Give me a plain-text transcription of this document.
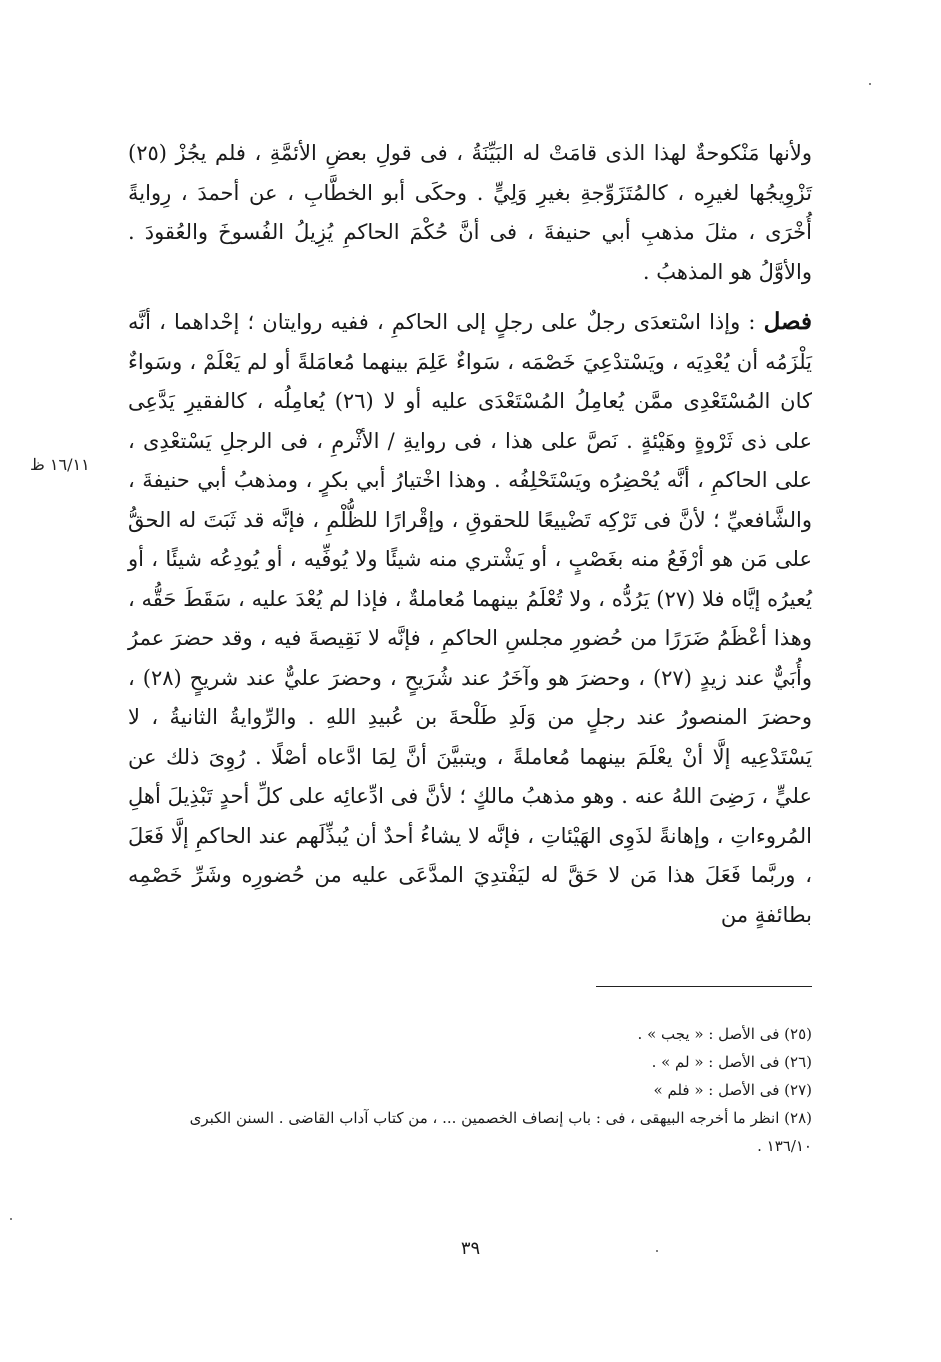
ولأنها مَنْكوحةٌ لهذا الذى قامَتْ له البَيِّنَةُ ، فى قولِ بعضِ الأئمَّةِ ، فلم يجُزْ (٢٥) تَزْوِيجُها لغيرِه ، كالمُتَزَوِّجةِ بغيرِ وَلِيٍّ . وحكَى أبو الخطَّابِ ، عن أحمدَ ، رِوايةً أُخْرَى ، مثلَ مذهبِ أبي حنيفةَ ، فى أنَّ حُكْمَ الحاكمِ يُزِيلُ الفُسوخَ والعُقودَ . والأوَّلُ هو المذهبُ .

فصل : وإذا اسْتعدَى رجلٌ على رجلٍ إلى الحاكمِ ، ففيه روايتان ؛ إحْداهما ، أنَّه يَلْزَمُه أن يُعْدِيَه ، ويَسْتدْعِيَ خَصْمَه ، سَواءٌ عَلِمَ بينهما مُعامَلةً أو لم يَعْلَمْ ، وسَواءٌ كان المُسْتَعْدِى ممَّن يُعامِلُ المُسْتَعْدَى عليه أو لا (٢٦) يُعامِلُه ، كالفقيرِ يَدَّعِى على ذى ثَرْوةٍ وهَيْئةٍ . نَصَّ على هذا ، فى روايةِ / الأثْرمِ ، فى الرجلِ يَسْتعْدِى ، على الحاكمِ ، أنَّه يُحْضِرُه ويَسْتَحْلِفُه . وهذا اخْتيارُ أبي بكرٍ ، ومذهبُ أبي حنيفةَ ، والشَّافعيِّ ؛ لأنَّ فى تَرْكِه تَضْييعًا للحقوقِ ، وإقْرارًا للظُّلْمِ ، فإنَّه قد ثَبَتَ له الحقُّ على مَن هو أرْفَعُ منه بغَصْبٍ ، أو يَشْتري منه شيئًا ولا يُوفِّيه ، أو يُودِعُه شيئًا ، أو يُعيرُه إيَّاه فلا (٢٧) يَرُدُّه ، ولا تُعْلَمُ بينهما مُعاملةٌ ، فإذا لم يُعْدَ عليه ، سَقَطَ حَقُّه ، وهذا أعْظَمُ ضَرَرًا من حُضورِ مجلسِ الحاكمِ ، فإنَّه لا نَقِيصةَ فيه ، وقد حضرَ عمرُ وأُبَيٌّ عند زيدٍ (٢٧) ، وحضرَ هو وآخَرُ عند شُرَيحٍ ، وحضرَ عليٌّ عند شريحٍ (٢٨) ، وحضرَ المنصورُ عند رجلٍ من وَلَدِ طَلْحةَ بن عُبيدِ اللهِ . والرِّوايةُ الثانيةُ ، لا يَسْتَدْعِيه إلَّا أنْ يعْلَمَ بينهما مُعاملةً ، ويتبيَّنَ أنَّ لِمَا ادَّعاه أصْلًا . رُوِىَ ذلك عن عليٍّ ، رَضِىَ اللهُ عنه . وهو مذهبُ مالكٍ ؛ لأنَّ فى ادِّعائِه على كلِّ أحدٍ تَبْذِيلَ أهلِ المُروءاتِ ، وإهانةً لذَوِى الهَيْئاتِ ، فإنَّه لا يشاءُ أحدٌ أن يُبذِّلَهم عند الحاكمِ إلَّا فَعَلَ ، وربَّما فَعَلَ هذا مَن لا حَقَّ له ليَفْتدِيَ المدَّعَى عليه من حُضورِه وشَرِّ خَصْمِه بطائفةٍ من

١٦/١١ ظ
(٢٥) فى الأصل : « يجب » .
(٢٦) فى الأصل : « لم » .
(٢٧) فى الأصل : « فلم »
(٢٨) انظر ما أخرجه البيهقى ، فى : باب إنصاف الخصمين ... ، من كتاب آداب القاضى . السنن الكبرى ١٣٦/١٠ .
٣٩
